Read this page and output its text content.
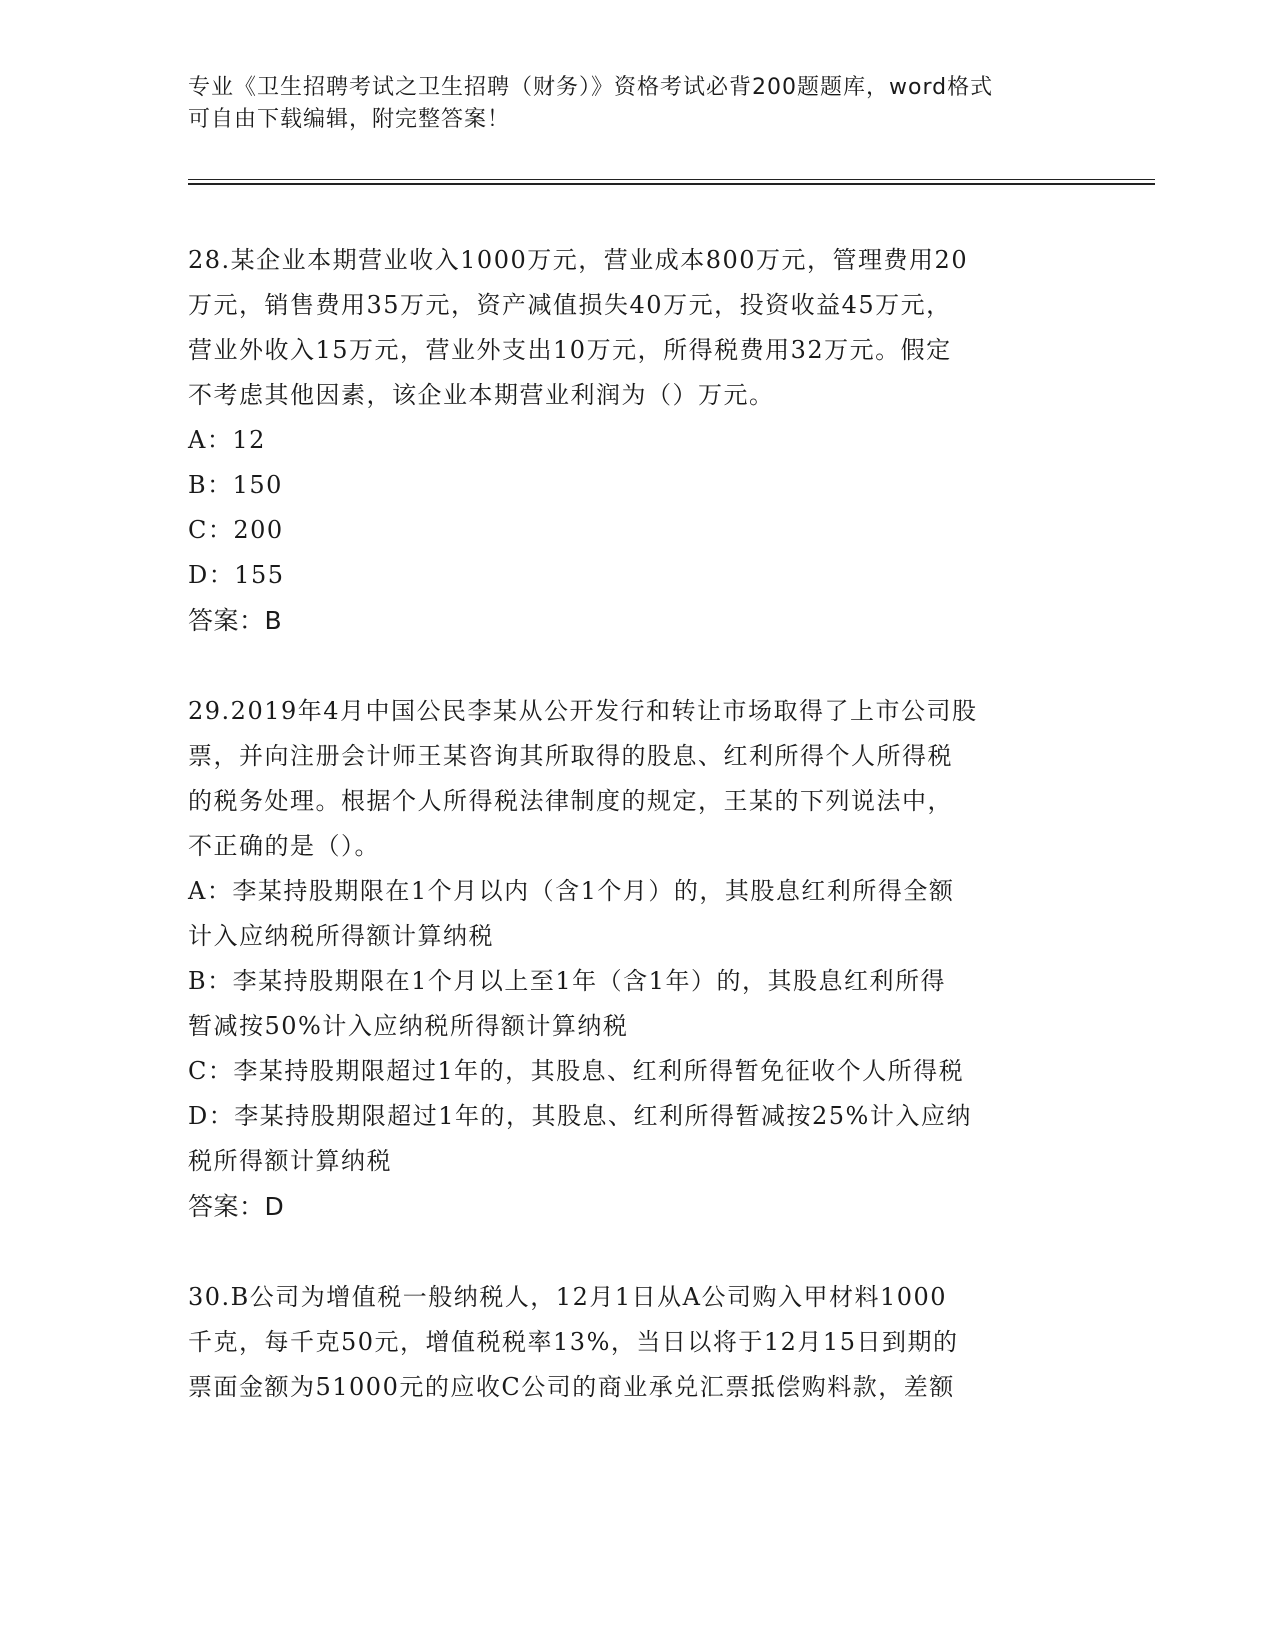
专业《卫生招聘考试之卫生招聘（财务）》资格考试必背200题题库，word格式
可自由下载编辑，附完整答案！
28.某企业本期营业收入1000万元，营业成本800万元，管理费用20
万元，销售费用35万元，资产减值损失40万元，投资收益45万元，
营业外收入15万元，营业外支出10万元，所得税费用32万元。假定
不考虑其他因素，该企业本期营业利润为（）万元。
A：12
B：150
C：200
D：155
答案：B
29.2019年4月中国公民李某从公开发行和转让市场取得了上市公司股
票，并向注册会计师王某咨询其所取得的股息、红利所得个人所得税
的税务处理。根据个人所得税法律制度的规定，王某的下列说法中，
不正确的是（）。
A：李某持股期限在1个月以内（含1个月）的，其股息红利所得全额
计入应纳税所得额计算纳税
B：李某持股期限在1个月以上至1年（含1年）的，其股息红利所得
暂减按50%计入应纳税所得额计算纳税
C：李某持股期限超过1年的，其股息、红利所得暂免征收个人所得税
D：李某持股期限超过1年的，其股息、红利所得暂减按25%计入应纳
税所得额计算纳税
答案：D
30.B公司为增值税一般纳税人，12月1日从A公司购入甲材料1000
千克，每千克50元，增值税税率13%，当日以将于12月15日到期的
票面金额为51000元的应收C公司的商业承兑汇票抵偿购料款，差额
